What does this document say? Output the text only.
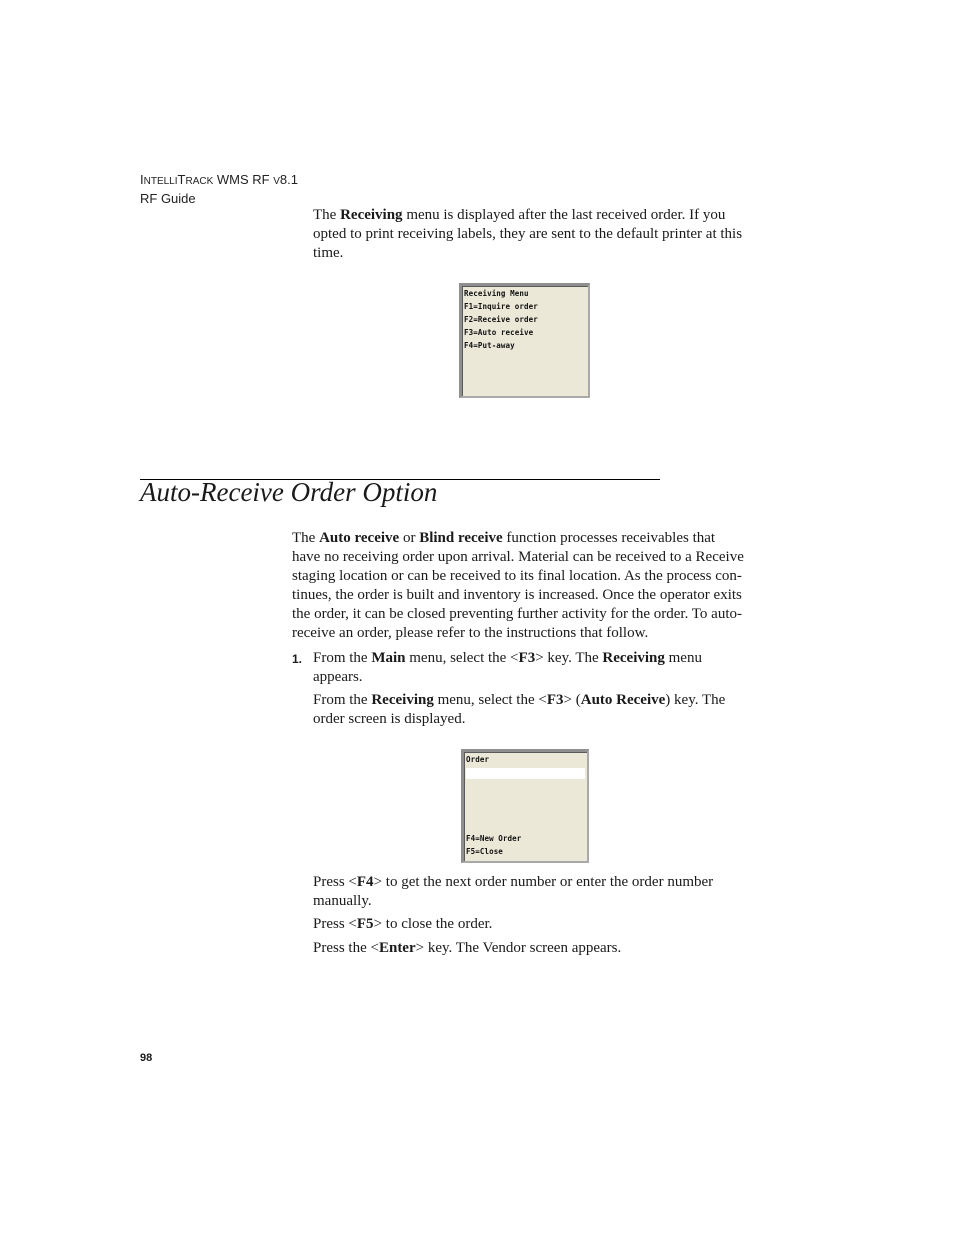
INTELLITRACK WMS RF V8.1
RF Guide
The Receiving menu is displayed after the last received order. If you
opted to print receiving labels, they are sent to the default printer at this
time.
Receiving Menu
F1=Inquire order
F2=Receive order
F3=Auto receive
F4=Put-away
Auto-Receive Order Option
The Auto receive or Blind receive function processes receivables that
have no receiving order upon arrival. Material can be received to a Receive
staging location or can be received to its final location. As the process con-
tinues, the order is built and inventory is increased. Once the operator exits
the order, it can be closed preventing further activity for the order. To auto-
receive an order, please refer to the instructions that follow.
1. From the Main menu, select the <F3> key. The Receiving menu
appears.
From the Receiving menu, select the <F3> (Auto Receive) key. The
order screen is displayed.
Order
F4=New Order
F5=Close
Press <F4> to get the next order number or enter the order number
manually.
Press <F5> to close the order.
Press the <Enter> key. The Vendor screen appears.
98
